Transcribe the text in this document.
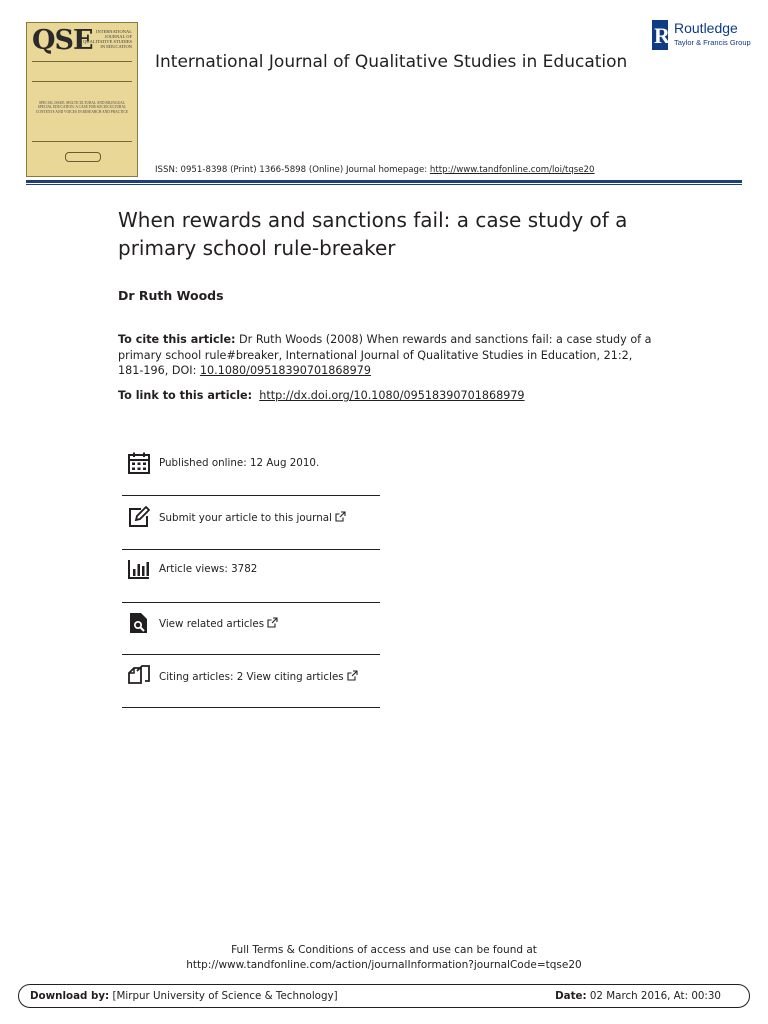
QSE INTERNATIONAL JOURNAL OF QUALITATIVE STUDIES IN EDUCATION
SPECIAL ISSUE: MULTICULTURAL AND BILINGUAL SPECIAL EDUCATION: A CASE FOR SOCIOCULTURAL CONTEXTS AND VOICES IN RESEARCH AND PRACTICE
International Journal of Qualitative Studies in Education
R
Routledge
Taylor & Francis Group
ISSN: 0951-8398 (Print) 1366-5898 (Online) Journal homepage: http://www.tandfonline.com/loi/tqse20
When rewards and sanctions fail: a case study of a primary school rule-breaker
Dr Ruth Woods
To cite this article: Dr Ruth Woods (2008) When rewards and sanctions fail: a case study of a primary school rule#breaker, International Journal of Qualitative Studies in Education, 21:2, 181-196, DOI: 10.1080/09518390701868979
To link to this article: http://dx.doi.org/10.1080/09518390701868979
Published online: 12 Aug 2010.
Submit your article to this journal
Article views: 3782
View related articles
Citing articles: 2 View citing articles
Full Terms & Conditions of access and use can be found at
http://www.tandfonline.com/action/journalInformation?journalCode=tqse20
Download by: [Mirpur University of Science & Technology]	Date: 02 March 2016, At: 00:30
